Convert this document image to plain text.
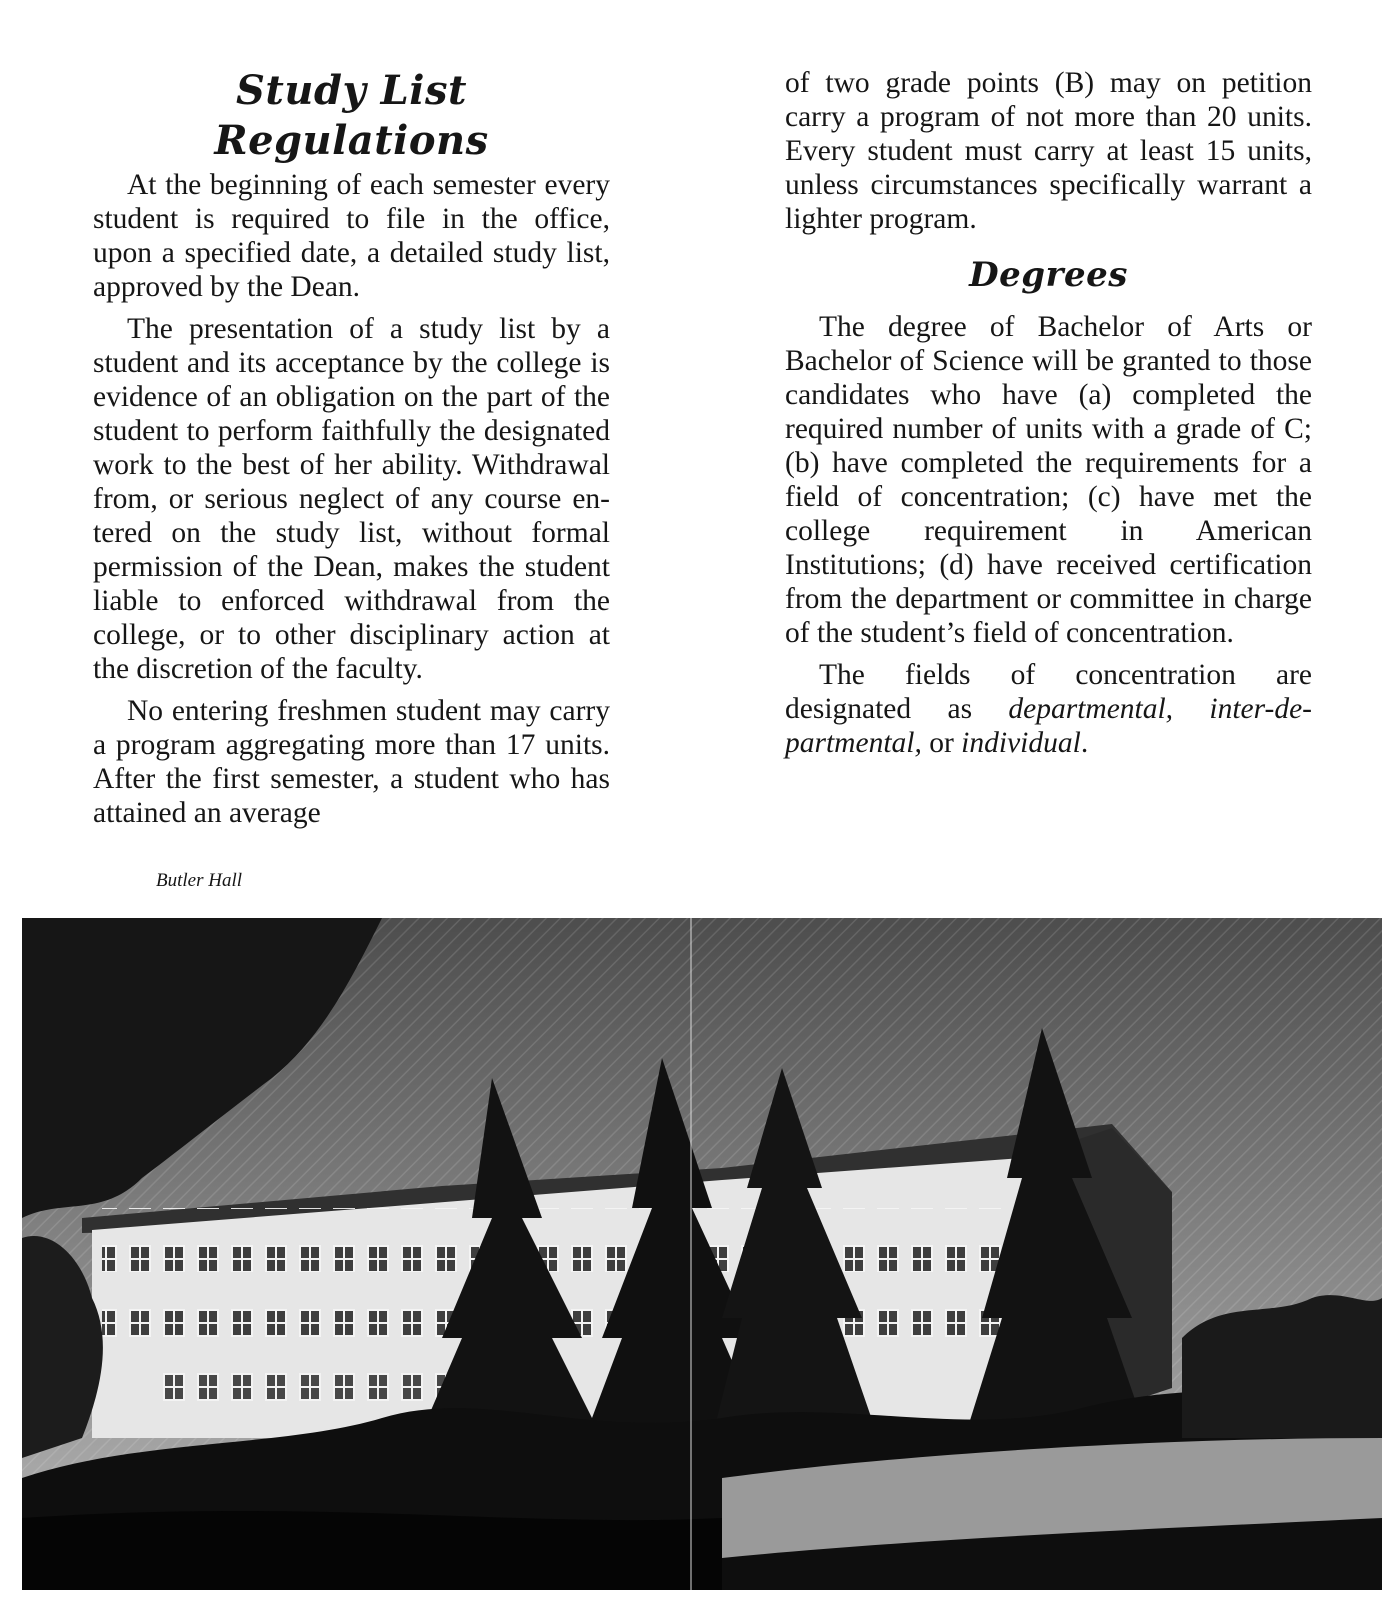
Study List Regulations

At the beginning of each semester every student is required to file in the office, upon a specified date, a detailed study list, approved by the Dean.

The presentation of a study list by a student and its acceptance by the college is evidence of an obligation on the part of the student to perform faithfully the designated work to the best of her ability. Withdrawal from, or serious neglect of any course entered on the study list, without formal permission of the Dean, makes the student liable to enforced withdrawal from the college, or to other disciplinary action at the discretion of the faculty.

No entering freshmen student may carry a program aggregating more than 17 units. After the first semester, a student who has attained an average

of two grade points (B) may on petition carry a program of not more than 20 units. Every student must carry at least 15 units, unless circumstances specifically warrant a lighter program.

Degrees

The degree of Bachelor of Arts or Bachelor of Science will be granted to those candidates who have (a) completed the required number of units with a grade of C; (b) have completed the requirements for a field of concentration; (c) have met the college requirement in American Institutions; (d) have received certification from the department or committee in charge of the student’s field of concentration.

The fields of concentration are designated as departmental, inter-departmental, or individual.

Butler Hall
